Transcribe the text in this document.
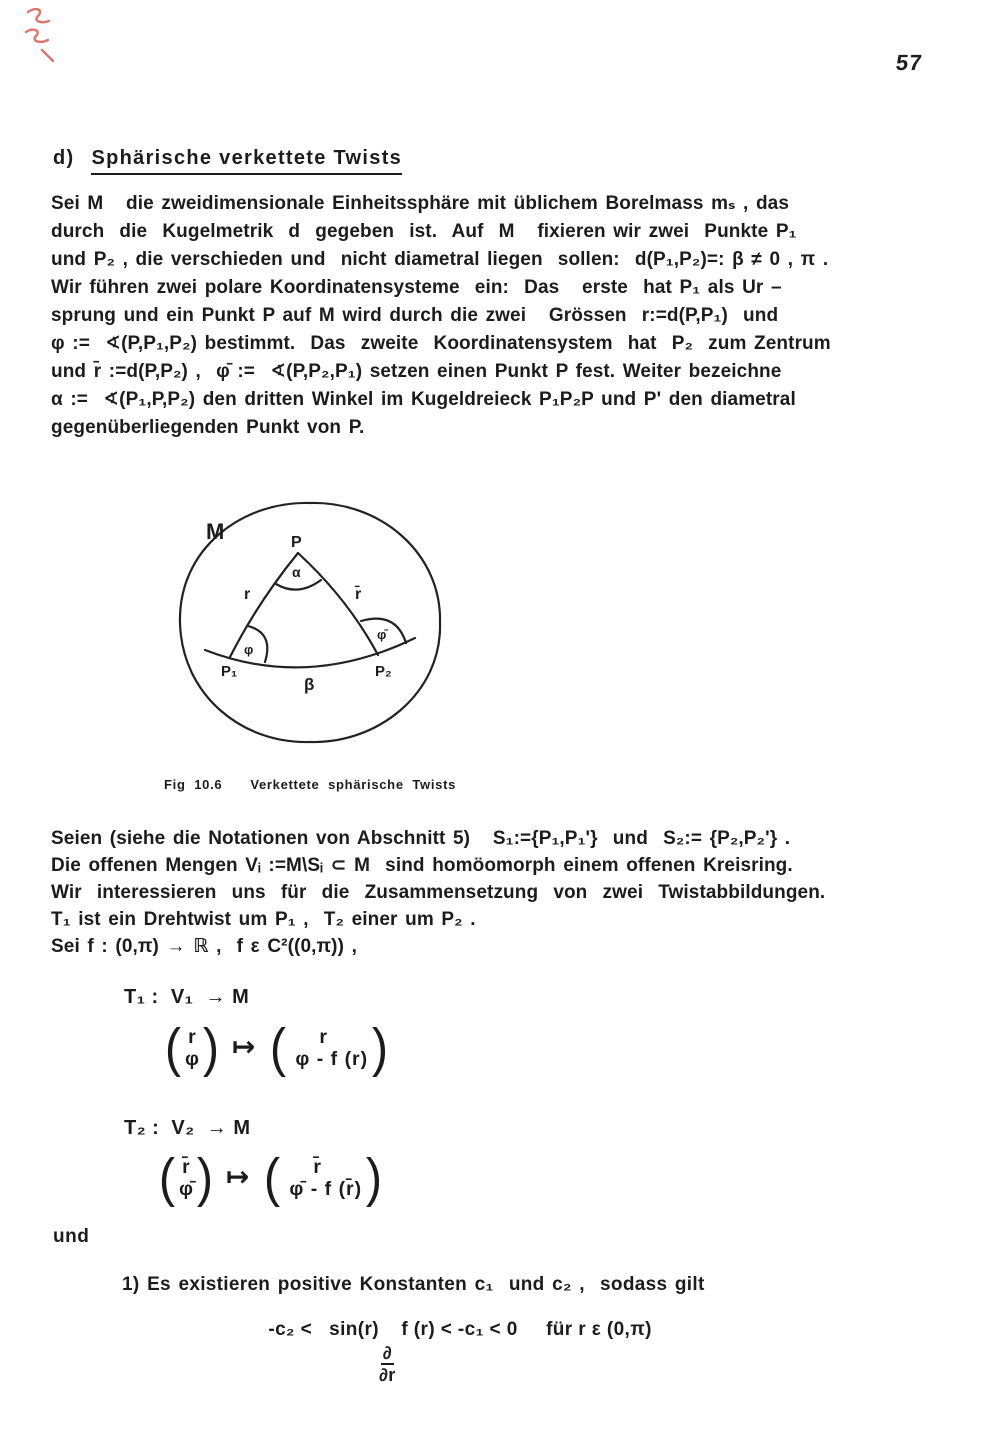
57
d) Sphärische verkettete Twists
Sei M   die zweidimensionale Einheitssphäre mit üblichem Borelmass mₛ , das
durch  die  Kugelmetrik  d  gegeben  ist.  Auf  M   fixieren wir zwei  Punkte P₁
und P₂ , die verschieden und  nicht diametral liegen  sollen:  d(P₁,P₂)=: β ≠ 0 , π .
Wir führen zwei polare Koordinatensysteme  ein:  Das   erste  hat P₁ als Ur –
sprung und ein Punkt P auf M wird durch die zwei   Grössen  r:=d(P,P₁)  und
φ :=  ∢(P,P₁,P₂) bestimmt.  Das  zweite  Koordinatensystem  hat  P₂  zum Zentrum
und r̄ :=d(P,P₂) ,  φ̄ :=  ∢(P,P₂,P₁) setzen einen Punkt P fest. Weiter bezeichne
α :=  ∢(P₁,P,P₂) den dritten Winkel im Kugeldreieck P₁P₂P und P' den diametral
gegenüberliegenden Punkt von P.
M	P
α
r	r̄
φ
φ̄
P₁	P₂
β
Fig  10.6 Verkettete  sphärische  Twists
Seien (siehe die Notationen von Abschnitt 5)   S₁:={P₁,P₁'}  und  S₂:= {P₂,P₂'} .
Die offenen Mengen Vᵢ :=M\Sᵢ ⊂ M  sind homöomorph einem offenen Kreisring.
Wir  interessieren  uns  für  die  Zusammensetzung  von  zwei  Twistabbildungen.
T₁ ist ein Drehtwist um P₁ ,  T₂ einer um P₂ .
Sei f : (0,π) → ℝ ,  f ε C²((0,π)) ,
T₁ :  V₁  → M
( r
φ ) ↦ ( r
φ - f (r) )
T₂ :  V₂  → M
( r̄
φ̄ ) ↦ ( r̄
φ̄ - f (r̄) )
und
1) Es existieren positive Konstanten c₁  und c₂ ,  sodass gilt

-c₂ <   sin(r)
$\frac{\partial}{\partial r}$
f (r) < -c₁ < 0     für r ε (0,π)
